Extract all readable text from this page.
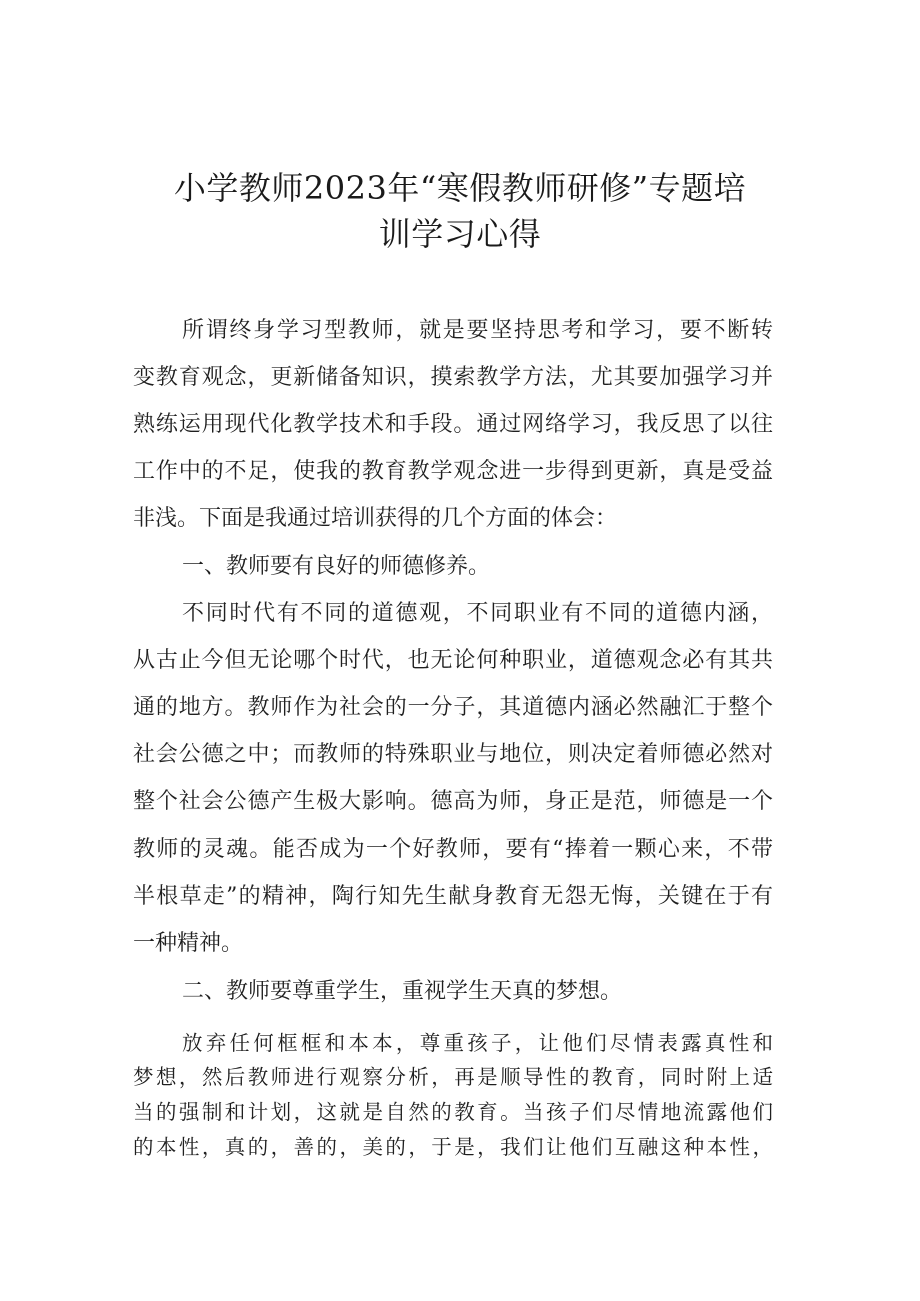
小学教师2023年“寒假教师研修”专题培
训学习心得
所谓终身学习型教师，就是要坚持思考和学习，要不断转
变教育观念，更新储备知识，摸索教学方法，尤其要加强学习并
熟练运用现代化教学技术和手段。通过网络学习，我反思了以往
工作中的不足，使我的教育教学观念进一步得到更新，真是受益
非浅。下面是我通过培训获得的几个方面的体会：
一、教师要有良好的师德修养。
不同时代有不同的道德观，不同职业有不同的道德内涵，
从古止今但无论哪个时代，也无论何种职业，道德观念必有其共
通的地方。教师作为社会的一分子，其道德内涵必然融汇于整个
社会公德之中；而教师的特殊职业与地位，则决定着师德必然对
整个社会公德产生极大影响。德高为师，身正是范，师德是一个
教师的灵魂。能否成为一个好教师，要有“捧着一颗心来，不带
半根草走”的精神，陶行知先生献身教育无怨无悔，关键在于有
一种精神。
二、教师要尊重学生，重视学生天真的梦想。
放弃任何框框和本本，尊重孩子，让他们尽情表露真性和
梦想，然后教师进行观察分析，再是顺导性的教育，同时附上适
当的强制和计划，这就是自然的教育。当孩子们尽情地流露他们
的本性，真的，善的，美的，于是，我们让他们互融这种本性，
